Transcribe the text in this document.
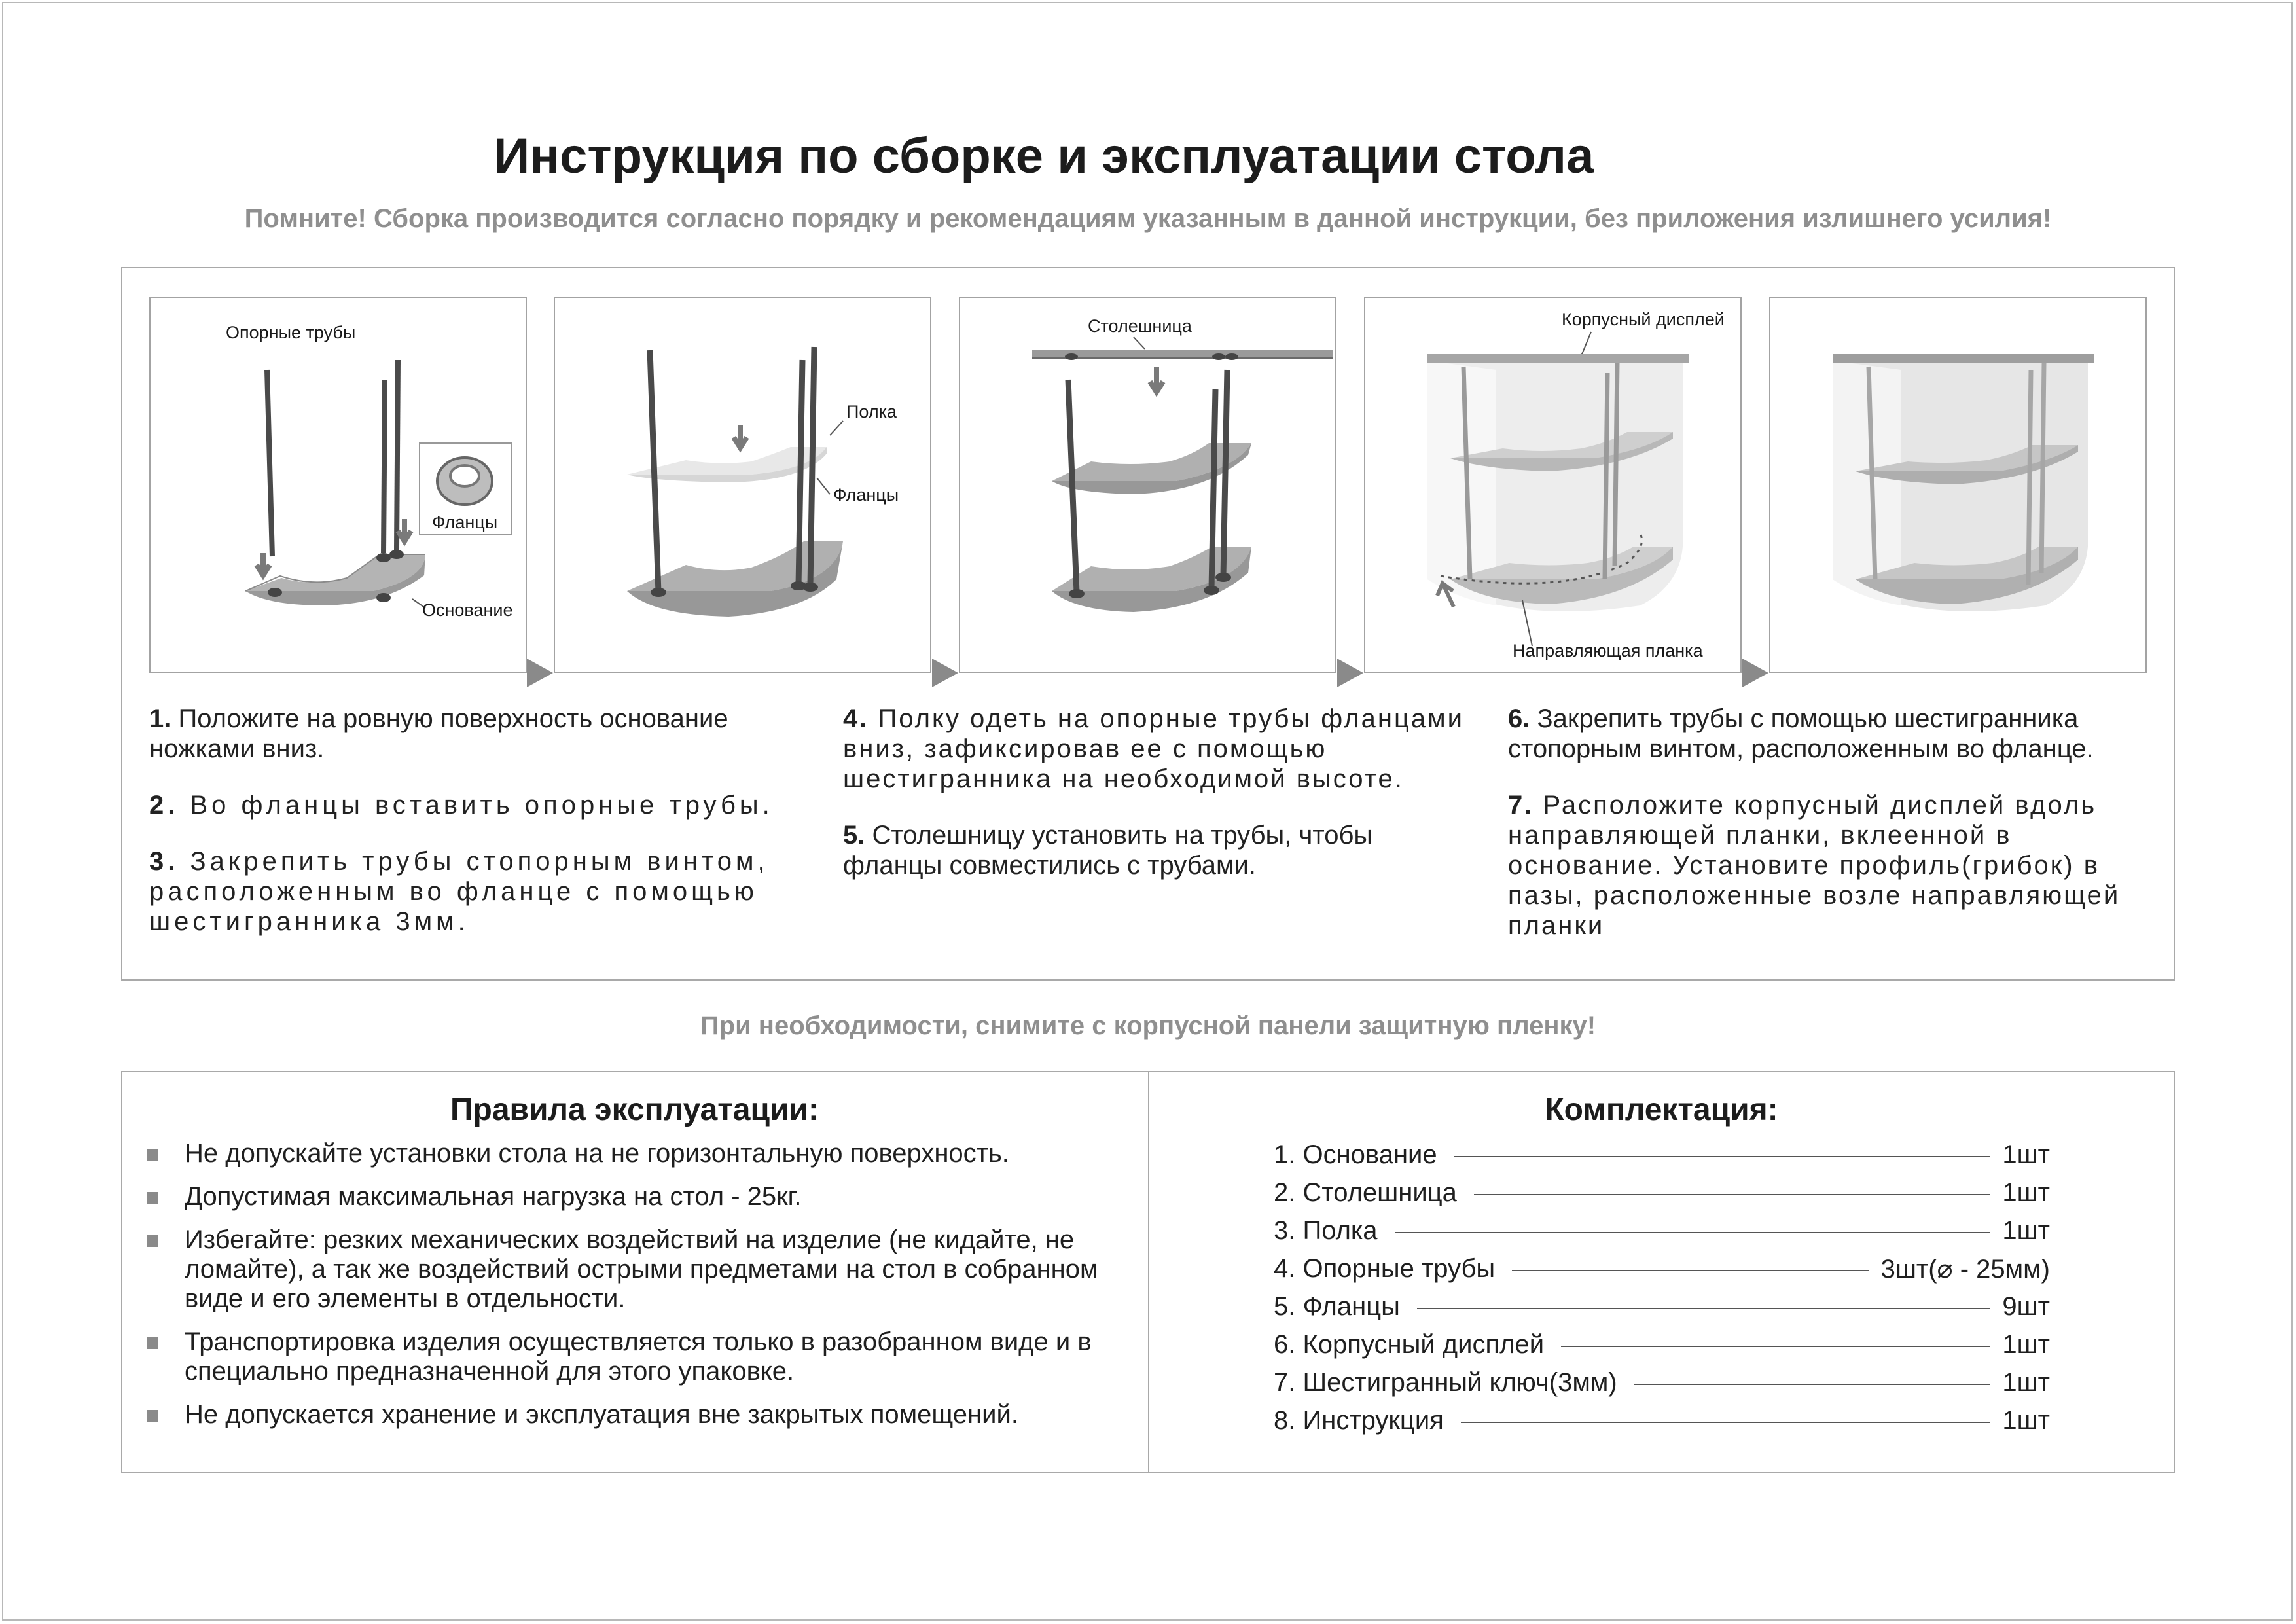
Инструкция по сборке и эксплуатации стола
Помните! Сборка производится согласно порядку и рекомендациям указанным в данной инструкции, без приложения излишнего усилия!
Опорные трубы
Фланцы
Основание
Полка
Фланцы
Столешница	Корпусный дисплей
Направляющая планка

1. Положите на ровную поверхность основание ножками вниз.

2. Во фланцы вставить опорные трубы.

3. Закрепить трубы стопорным винтом, расположенным во фланце с помощью шестигранника 3мм.

4. Полку одеть на опорные трубы фланцами вниз, зафиксировав ее с помощью шестигранника на необходимой высоте.

5. Столешницу установить на трубы, чтобы фланцы совместились с трубами.

6. Закрепить трубы с помощью шестигранника стопорным винтом, расположенным во фланце.

7. Расположите корпусный дисплей вдоль направляющей планки, вклеенной в основание. Установите профиль(грибок) в пазы, расположенные возле направляющей планки

При необходимости, снимите с корпусной панели защитную пленку!
Правила эксплуатации:
Не допускайте установки стола на не горизонтальную поверхность.
Допустимая максимальная нагрузка на стол - 25кг.
Избегайте: резких механических воздействий на изделие (не кидайте, не ломайте), а так же воздействий острыми предметами на стол в собранном виде и его элементы в отдельности.
Транспортировка изделия осуществляется только в разобранном виде и в специально предназначенной для этого упаковке.
Не допускается хранение и эксплуатация вне закрытых помещений.
Комплектация:
1. Основание	1шт
2. Столешница	1шт
3. Полка	1шт
4. Опорные трубы	3шт(⌀ - 25мм)
5. Фланцы	9шт
6. Корпусный дисплей	1шт
7. Шестигранный ключ(3мм)	1шт
8. Инструкция	1шт
